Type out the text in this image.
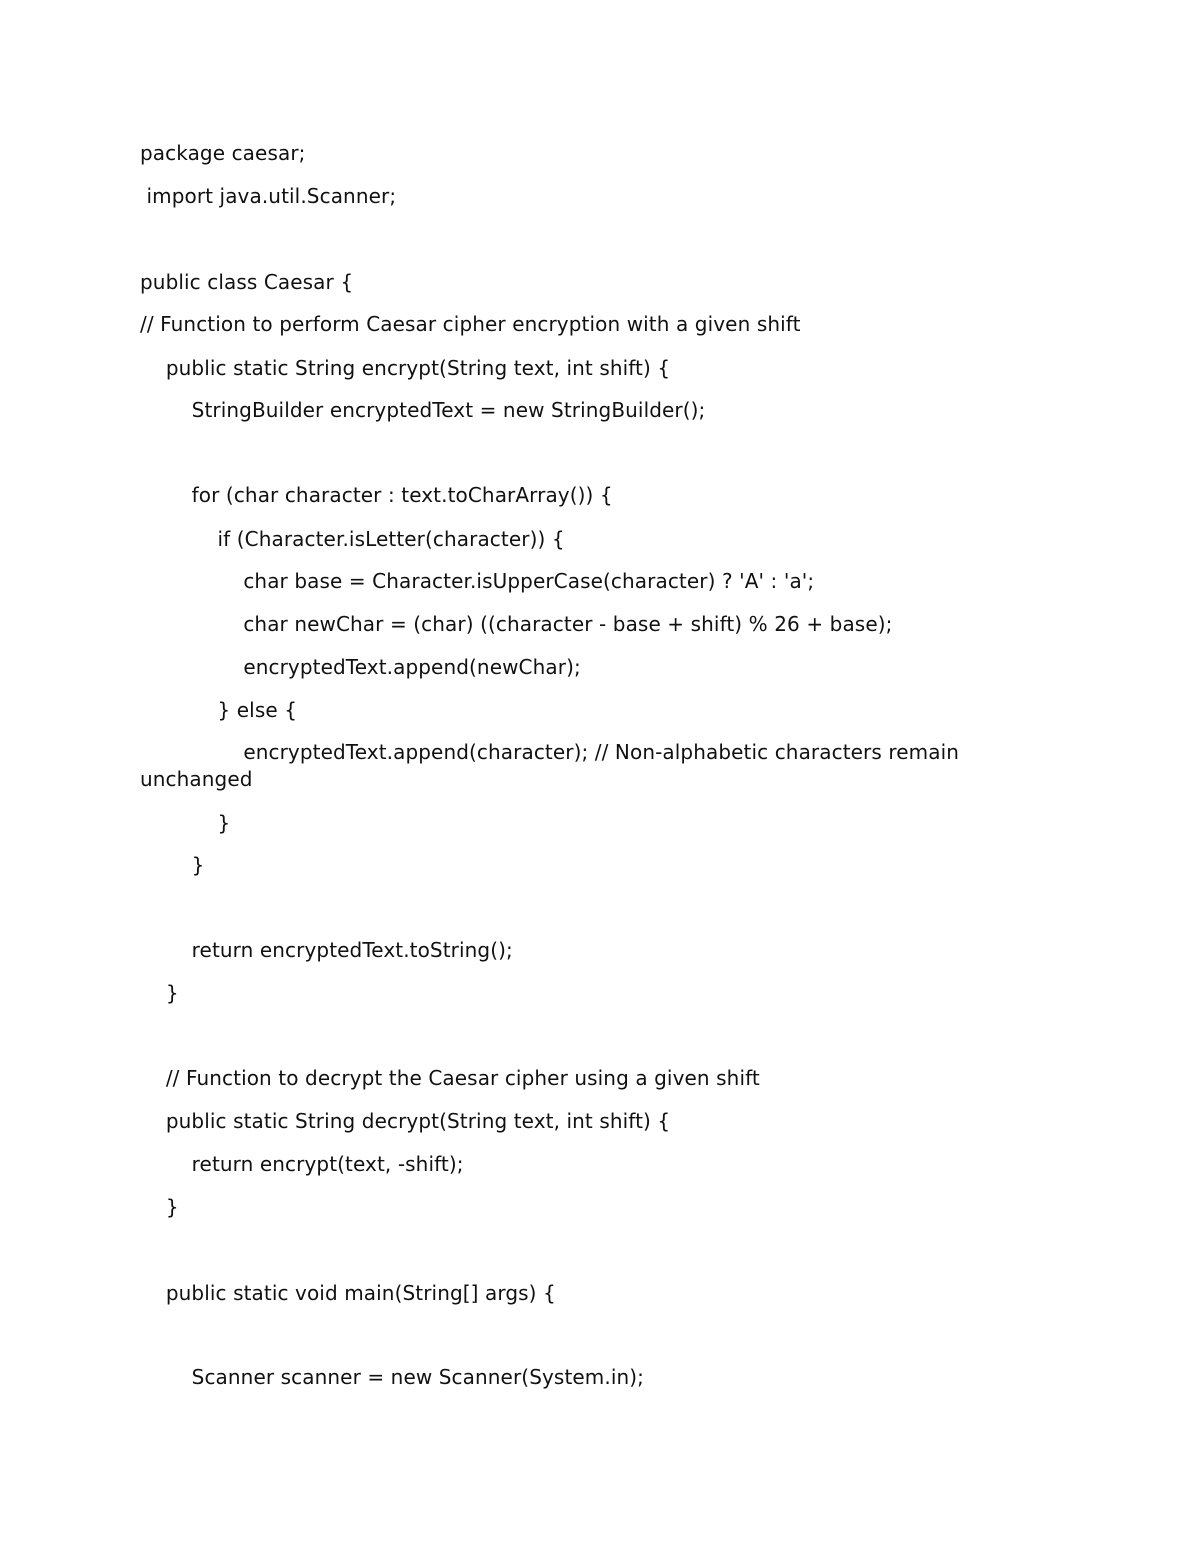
package caesar;
import java.util.Scanner;
public class Caesar {
// Function to perform Caesar cipher encryption with a given shift
public static String encrypt(String text, int shift) {
StringBuilder encryptedText = new StringBuilder();
for (char character : text.toCharArray()) {
if (Character.isLetter(character)) {
char base = Character.isUpperCase(character) ? 'A' : 'a';
char newChar = (char) ((character - base + shift) % 26 + base);
encryptedText.append(newChar);
} else {
encryptedText.append(character); // Non-alphabetic characters remain
unchanged
}
}
return encryptedText.toString();
}
// Function to decrypt the Caesar cipher using a given shift
public static String decrypt(String text, int shift) {
return encrypt(text, -shift);
}
public static void main(String[] args) {
Scanner scanner = new Scanner(System.in);
